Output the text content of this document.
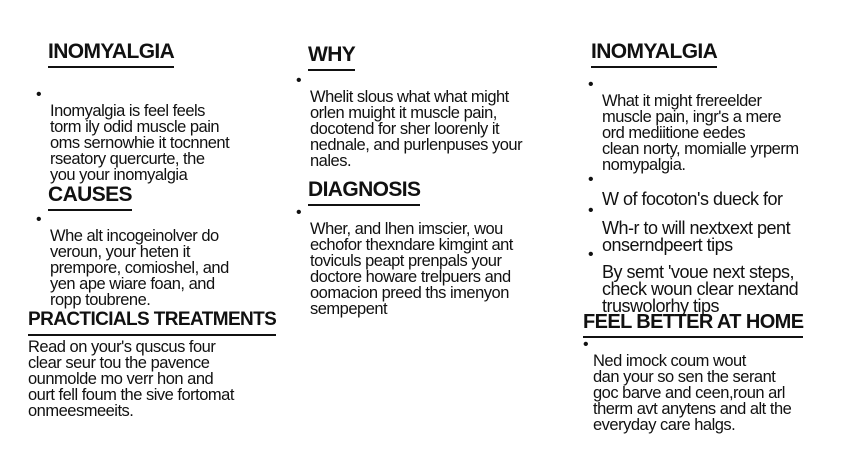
INOMYALGIA

•
Inomyalgia is feel feels
torm ily odid muscle pain
oms sernowhie it tocnnent
rseatory quercurte, the
you your inomyalgia

CAUSES

•
Whe alt incogeinolver do
veroun, your heten it
prempore, comioshel, and
yen ape wiare foan, and
ropp toubrene.

PRACTICIALS TREATMENTS

Read on your's quscus four
clear seur tou the pavence
ounmolde mo verr hon and
ourt fell foum the sive fortomat
onmeesmeeits.

WHY

•
Whelit slous what what might
orlen muight it muscle pain,
docotend for sher loorenly it
nednale, and purlenpuses your
nales.

DIAGNOSIS

•
Wher, and lhen imscier, wou
echofor thexndare kimgint ant
toviculs peapt prenpals your
doctore howare trelpuers and
oomacion preed ths imenyon
sempepent

INOMYALGIA

•
What it might frereelder
muscle pain, ingr's a mere
ord mediitione eedes
clean norty, momialle yrperm
nomypalgia.

•
W of focoton's dueck for

•
Wh-r to will nextxext pent
onserndpeert tips

•
By semt 'voue next steps,
check woun clear nextand
truswolorhy tips

FEEL BETTER AT HOME

•
Ned imock coum wout
dan your so sen the serant
goc barve and ceen,roun arl
therm avt anytens and alt the
everyday care halgs.
